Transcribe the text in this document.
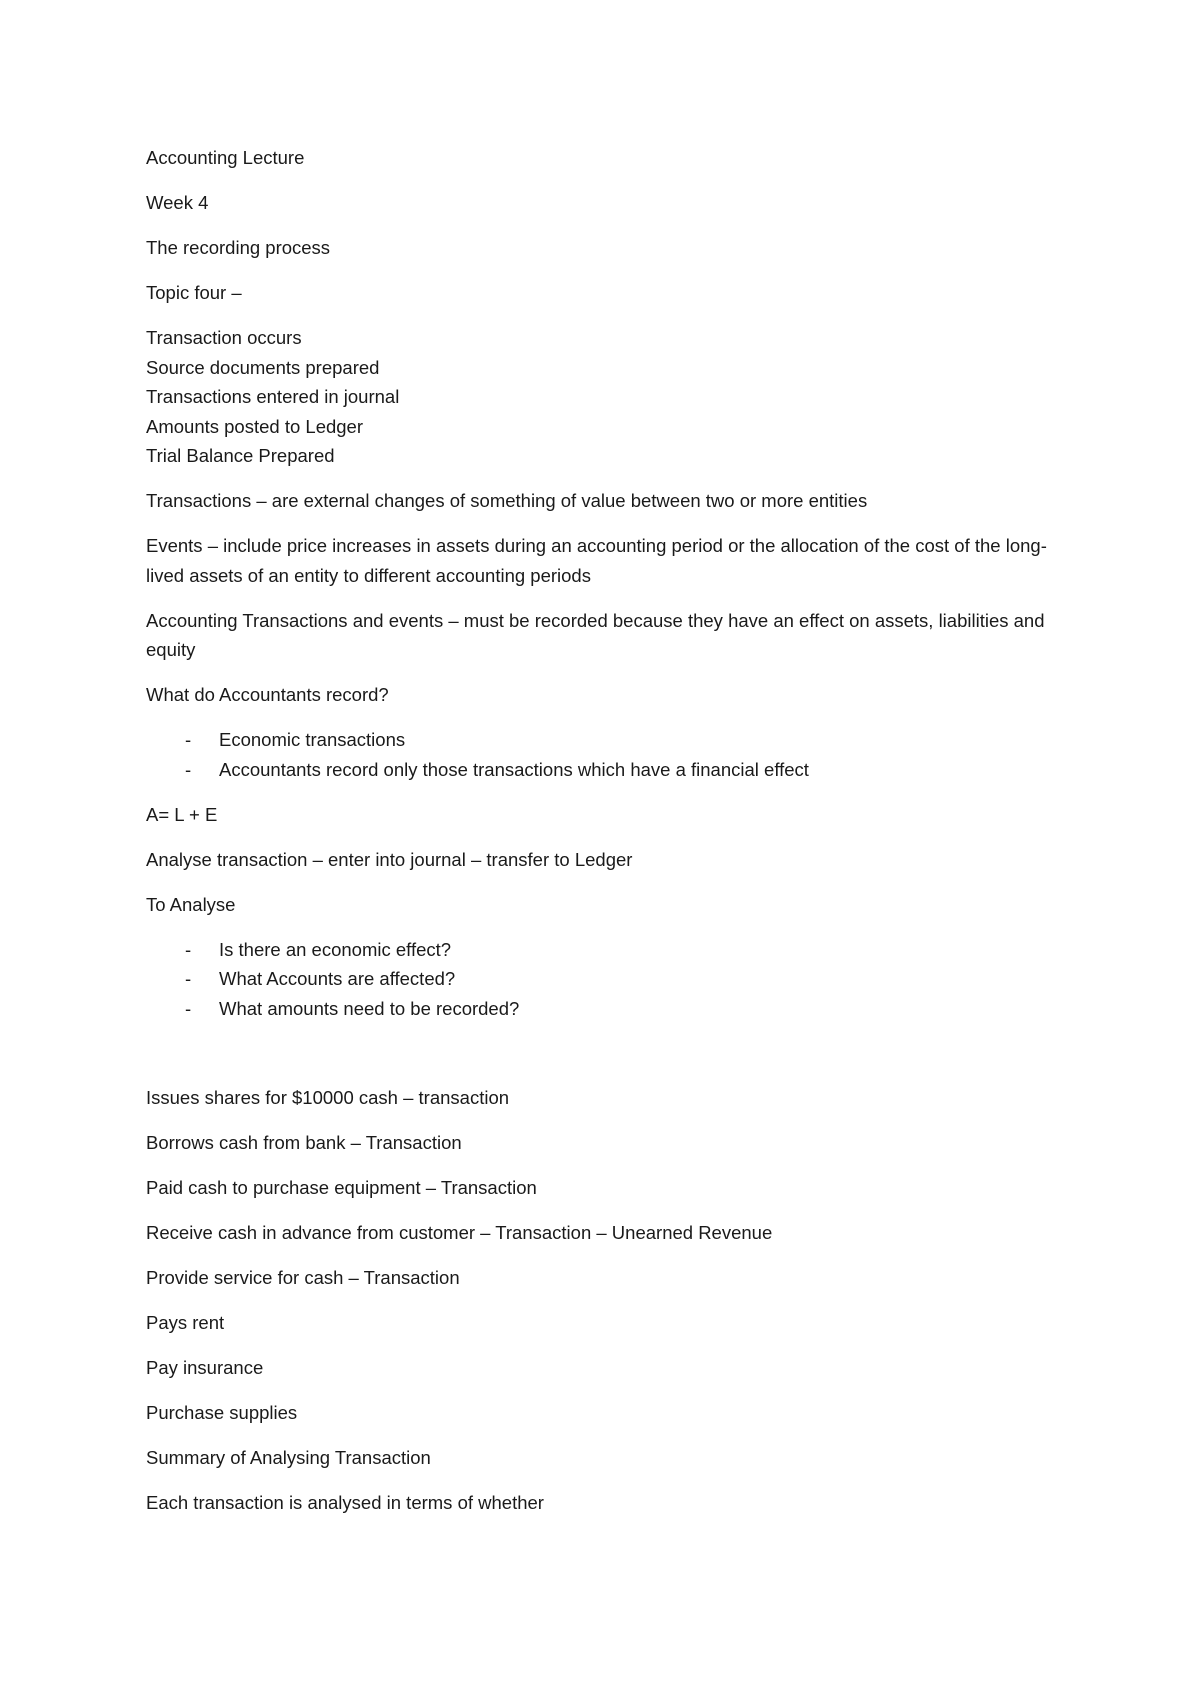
Accounting Lecture

Week 4

The recording process

Topic four –

Transaction occurs
Source documents prepared
Transactions entered in journal
Amounts posted to Ledger
Trial Balance Prepared

Transactions – are external changes of something of value between two or more entities

Events – include price increases in assets during an accounting period or the allocation of the cost of the long-lived assets of an entity to different accounting periods

Accounting Transactions and events – must be recorded because they have an effect on assets, liabilities and equity

What do Accountants record?

- Economic transactions
- Accountants record only those transactions which have a financial effect

A= L + E

Analyse transaction – enter into journal – transfer to Ledger

To Analyse

- Is there an economic effect?
- What Accounts are affected?
- What amounts need to be recorded?

Issues shares for $10000 cash – transaction

Borrows cash from bank – Transaction

Paid cash to purchase equipment – Transaction

Receive cash in advance from customer – Transaction – Unearned Revenue

Provide service for cash – Transaction

Pays rent

Pay insurance

Purchase supplies

Summary of Analysing Transaction

Each transaction is analysed in terms of whether
